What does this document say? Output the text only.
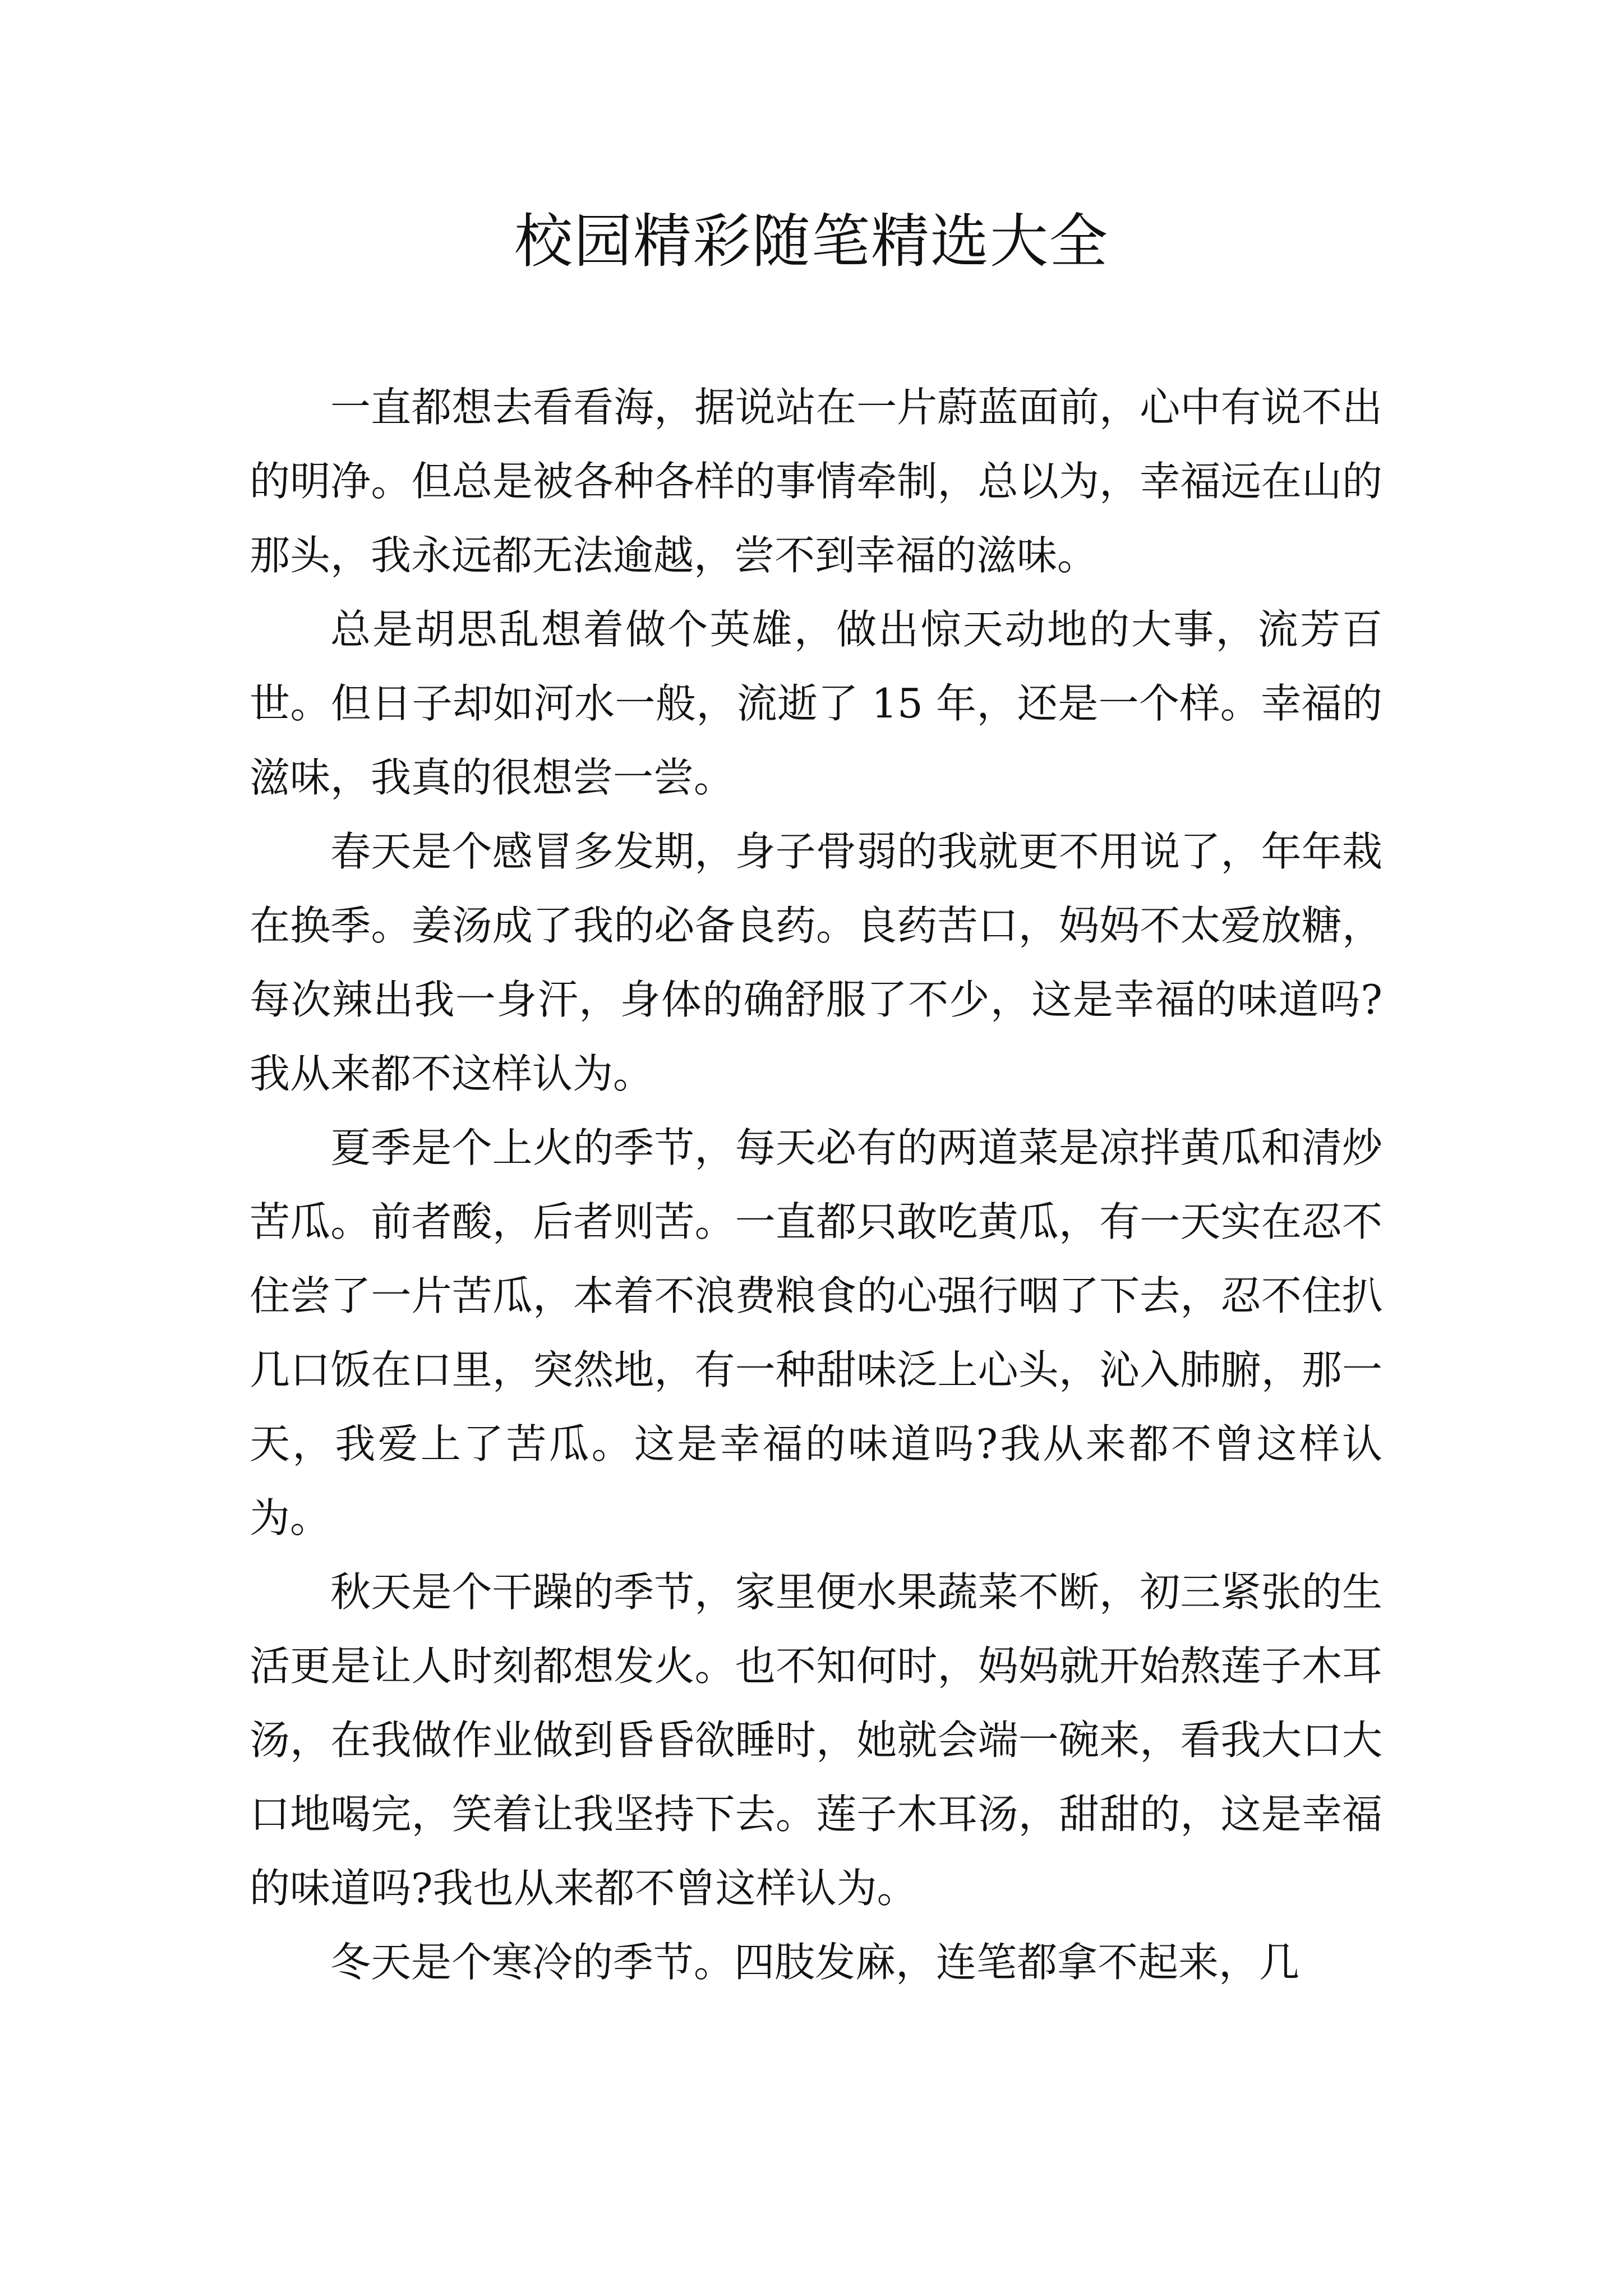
校园精彩随笔精选大全

一直都想去看看海，据说站在一片蔚蓝面前，心中有说不出的明净。但总是被各种各样的事情牵制，总以为，幸福远在山的那头，我永远都无法逾越，尝不到幸福的滋味。

总是胡思乱想着做个英雄，做出惊天动地的大事，流芳百世。但日子却如河水一般，流逝了 15 年，还是一个样。幸福的滋味，我真的很想尝一尝。

春天是个感冒多发期，身子骨弱的我就更不用说了，年年栽在换季。姜汤成了我的必备良药。良药苦口，妈妈不太爱放糖，每次辣出我一身汗，身体的确舒服了不少，这是幸福的味道吗?我从来都不这样认为。

夏季是个上火的季节，每天必有的两道菜是凉拌黄瓜和清炒苦瓜。前者酸，后者则苦。一直都只敢吃黄瓜，有一天实在忍不住尝了一片苦瓜，本着不浪费粮食的心强行咽了下去，忍不住扒几口饭在口里，突然地，有一种甜味泛上心头，沁入肺腑，那一天，我爱上了苦瓜。这是幸福的味道吗?我从来都不曾这样认为。

秋天是个干躁的季节，家里便水果蔬菜不断，初三紧张的生活更是让人时刻都想发火。也不知何时，妈妈就开始熬莲子木耳汤，在我做作业做到昏昏欲睡时，她就会端一碗来，看我大口大口地喝完，笑着让我坚持下去。莲子木耳汤，甜甜的，这是幸福的味道吗?我也从来都不曾这样认为。

冬天是个寒冷的季节。四肢发麻，连笔都拿不起来，几
